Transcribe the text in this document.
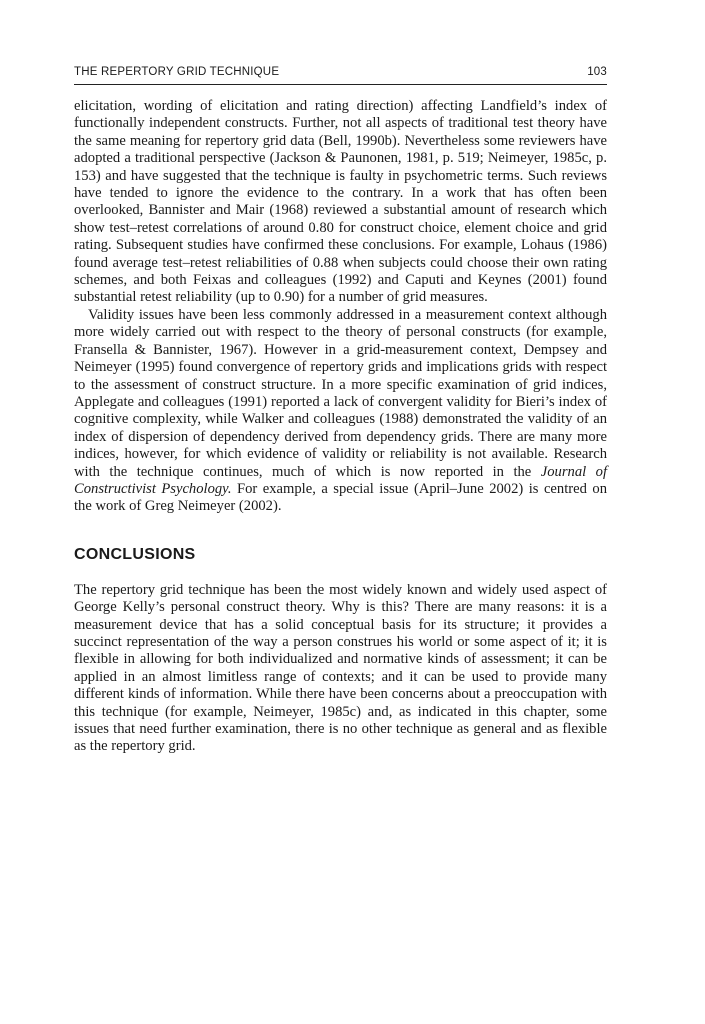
THE REPERTORY GRID TECHNIQUE	103

elicitation, wording of elicitation and rating direction) affecting Landfield’s index of functionally independent constructs. Further, not all aspects of traditional test theory have the same meaning for repertory grid data (Bell, 1990b). Nevertheless some reviewers have adopted a traditional perspective (Jackson & Paunonen, 1981, p. 519; Neimeyer, 1985c, p. 153) and have suggested that the technique is faulty in psychometric terms. Such reviews have tended to ignore the evidence to the contrary. In a work that has often been overlooked, Bannister and Mair (1968) reviewed a substantial amount of research which show test–retest correlations of around 0.80 for construct choice, element choice and grid rating. Subsequent studies have confirmed these conclusions. For example, Lohaus (1986) found average test–retest reliabilities of 0.88 when subjects could choose their own rating schemes, and both Feixas and colleagues (1992) and Caputi and Keynes (2001) found substantial retest reliability (up to 0.90) for a number of grid measures.

Validity issues have been less commonly addressed in a measurement context although more widely carried out with respect to the theory of personal constructs (for example, Fransella & Bannister, 1967). However in a grid-measurement context, Dempsey and Neimeyer (1995) found convergence of repertory grids and implications grids with respect to the assessment of construct structure. In a more specific examination of grid indices, Applegate and colleagues (1991) reported a lack of convergent validity for Bieri’s index of cognitive complexity, while Walker and colleagues (1988) demonstrated the validity of an index of dispersion of dependency derived from dependency grids. There are many more indices, however, for which evidence of validity or reliability is not available. Research with the technique continues, much of which is now reported in the Journal of Constructivist Psychology. For example, a special issue (April–June 2002) is centred on the work of Greg Neimeyer (2002).

CONCLUSIONS

The repertory grid technique has been the most widely known and widely used aspect of George Kelly’s personal construct theory. Why is this? There are many reasons: it is a measurement device that has a solid conceptual basis for its structure; it provides a succinct representation of the way a person construes his world or some aspect of it; it is flexible in allowing for both individualized and normative kinds of assessment; it can be applied in an almost limitless range of contexts; and it can be used to provide many different kinds of information. While there have been concerns about a preoccupation with this technique (for example, Neimeyer, 1985c) and, as indicated in this chapter, some issues that need further examination, there is no other technique as general and as flexible as the repertory grid.
